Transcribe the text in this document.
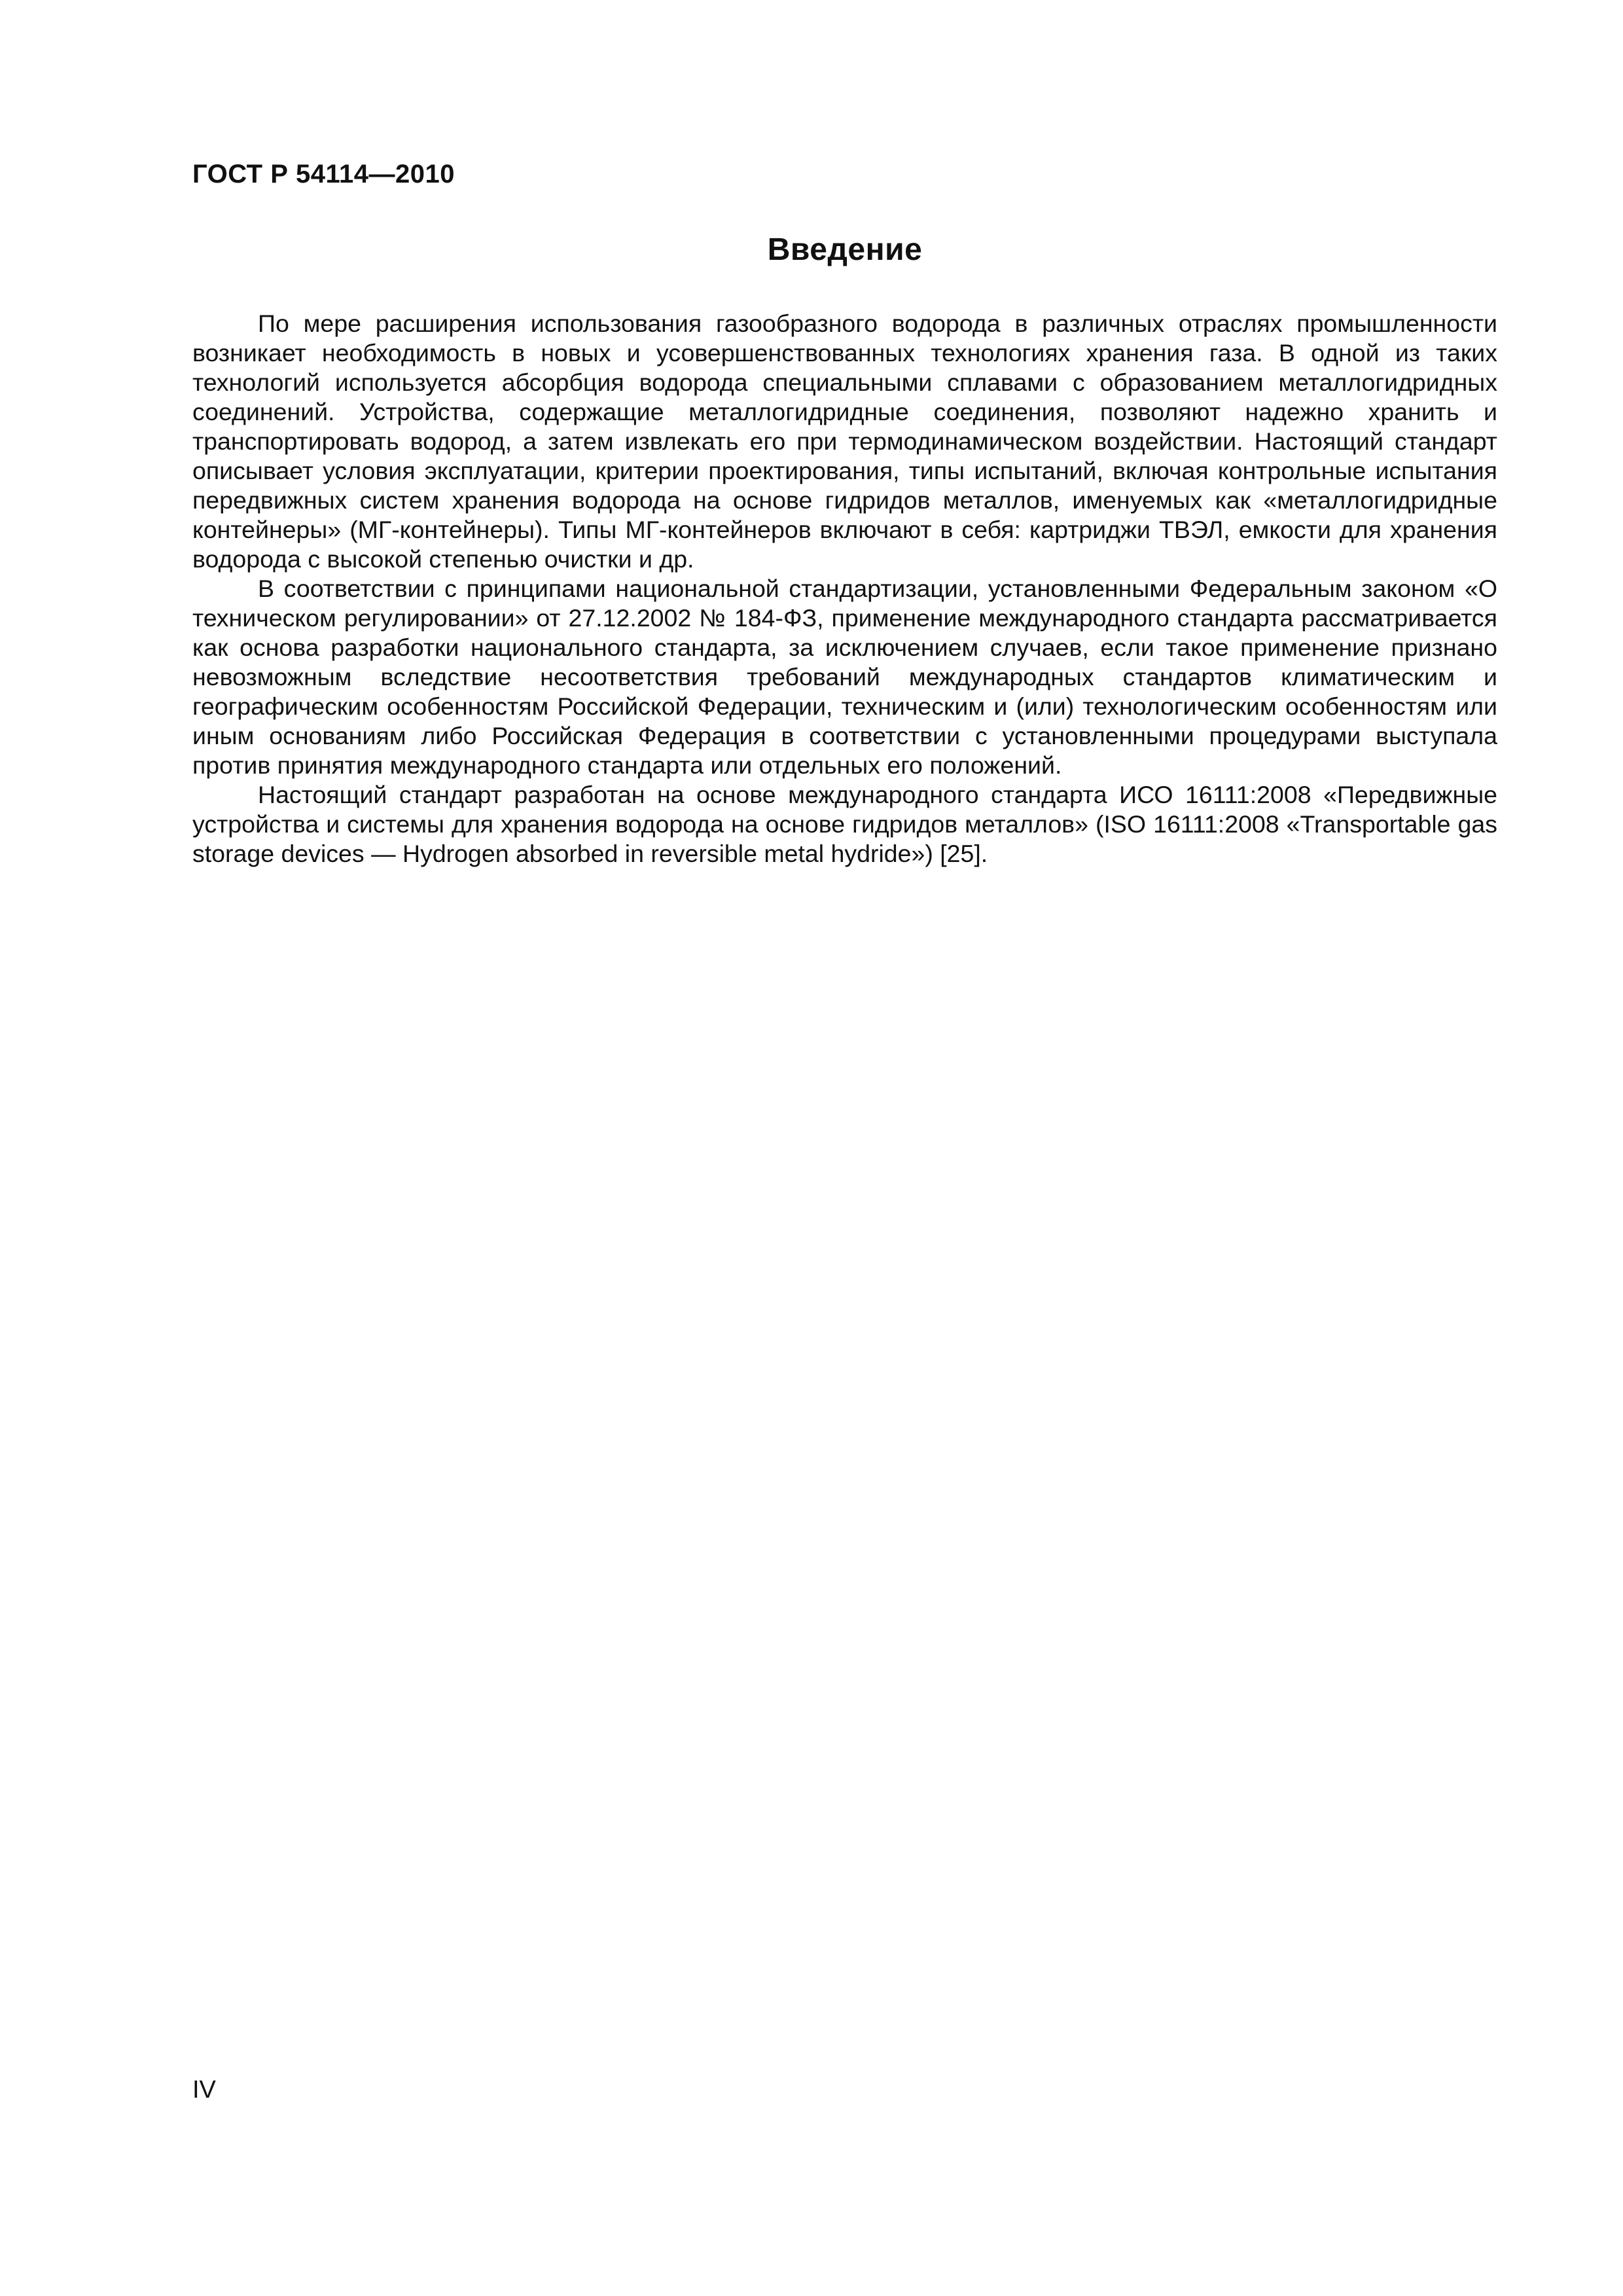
ГОСТ Р 54114—2010
Введение

По мере расширения использования газообразного водорода в различных отраслях промышленности возникает необходимость в новых и усовершенствованных технологиях хранения газа. В одной из таких технологий используется абсорбция водорода специальными сплавами с образованием металлогидридных соединений. Устройства, содержащие металлогидридные соединения, позволяют надежно хранить и транспортировать водород, а затем извлекать его при термодинамическом воздействии. Настоящий стандарт описывает условия эксплуатации, критерии проектирования, типы испытаний, включая контрольные испытания передвижных систем хранения водорода на основе гидридов металлов, именуемых как «металлогидридные контейнеры» (МГ-контейнеры). Типы МГ-контейнеров включают в себя: картриджи ТВЭЛ, емкости для хранения водорода с высокой степенью очистки и др.

В соответствии с принципами национальной стандартизации, установленными Федеральным законом «О техническом регулировании» от 27.12.2002 № 184-ФЗ, применение международного стандарта рассматривается как основа разработки национального стандарта, за исключением случаев, если такое применение признано невозможным вследствие несоответствия требований международных стандартов климатическим и географическим особенностям Российской Федерации, техническим и (или) технологическим особенностям или иным основаниям либо Российская Федерация в соответствии с установленными процедурами выступала против принятия международного стандарта или отдельных его положений.

Настоящий стандарт разработан на основе международного стандарта ИСО 16111:2008 «Передвижные устройства и системы для хранения водорода на основе гидридов металлов» (ISO 16111:2008 «Transportable gas storage devices — Hydrogen absorbed in reversible metal hydride») [25].

IV
